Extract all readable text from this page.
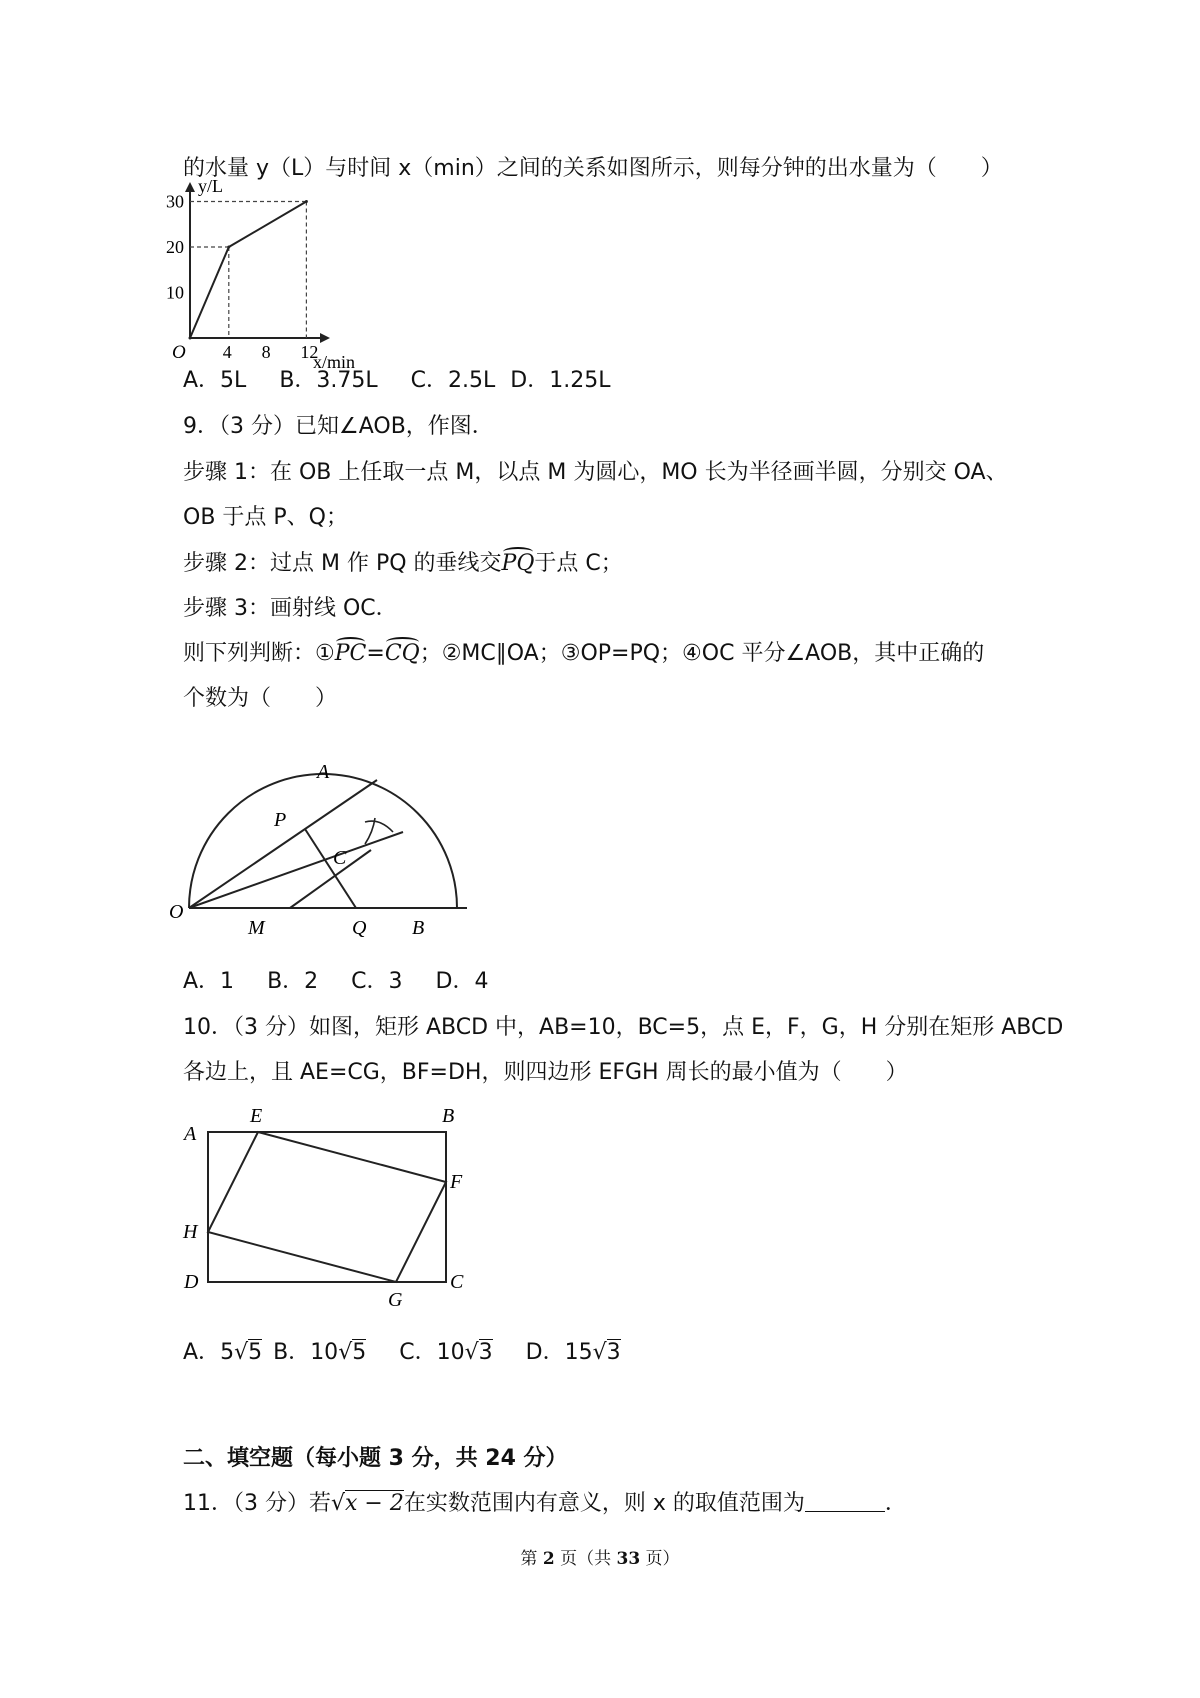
的水量 y（L）与时间 x（min）之间的关系如图所示，则每分钟的出水量为（　　）
4 8 12
10
20
30
O	x/min
y/L
A．5L B．3.75L C．2.5L D．1.25L
9．（3 分）已知∠AOB，作图．
步骤 1：在 OB 上任取一点 M，以点 M 为圆心，MO 长为半径画半圆，分别交 OA、
OB 于点 P、Q；
步骤 2：过点 M 作 PQ 的垂线交
PQ于点 C；
步骤 3：画射线 OC．
则下列判断：①
PC=
CQ；②MC∥OA；③OP=PQ；④OC 平分∠AOB，其中正确的
个数为（　　）
A
P
C
O
M	Q B
A．1 B．2 C．3 D．4
10．（3 分）如图，矩形 ABCD 中，AB=10，BC=5，点 E，F，G，H 分别在矩形 ABCD
各边上，且 AE=CG，BF=DH，则四边形 EFGH 周长的最小值为（　　）
A
E	B
F
H
D
G
C
A．5√5 B．10√5 C．10√3 D．15√3
二、填空题（每小题 3 分，共 24 分）
11．（3 分）若√x − 2在实数范围内有意义，则 x 的取值范围为	．
第 2 页（共 33 页）
